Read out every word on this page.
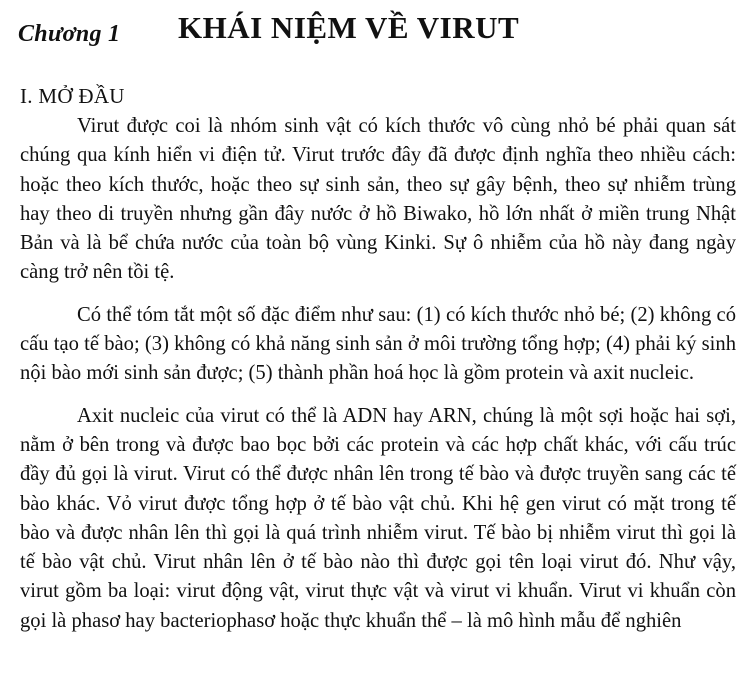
Chương 1 KHÁI NIỆM VỀ VIRUT
I. MỞ ĐẦU

Virut được coi là nhóm sinh vật có kích thước vô cùng nhỏ bé phải quan sát chúng qua kính hiển vi điện tử. Virut trước đây đã được định nghĩa theo nhiều cách: hoặc theo kích thước, hoặc theo sự sinh sản, theo sự gây bệnh, theo sự nhiễm trùng hay theo di truyền nhưng gần đây nước ở hồ Biwako, hồ lớn nhất ở miền trung Nhật Bản và là bể chứa nước của toàn bộ vùng Kinki. Sự ô nhiễm của hồ này đang ngày càng trở nên tồi tệ.

Có thể tóm tắt một số đặc điểm như sau: (1) có kích thước nhỏ bé; (2) không có cấu tạo tế bào; (3) không có khả năng sinh sản ở môi trường tổng hợp; (4) phải ký sinh nội bào mới sinh sản được; (5) thành phần hoá học là gồm protein và axit nucleic.

Axit nucleic của virut có thể là ADN hay ARN, chúng là một sợi hoặc hai sợi, nằm ở bên trong và được bao bọc bởi các protein và các hợp chất khác, với cấu trúc đầy đủ gọi là virut. Virut có thể được nhân lên trong tế bào và được truyền sang các tế bào khác. Vỏ virut được tổng hợp ở tế bào vật chủ. Khi hệ gen virut có mặt trong tế bào và được nhân lên thì gọi là quá trình nhiễm virut. Tế bào bị nhiễm virut thì gọi là tế bào vật chủ. Virut nhân lên ở tế bào nào thì được gọi tên loại virut đó. Như vậy, virut gồm ba loại: virut động vật, virut thực vật và virut vi khuẩn. Virut vi khuẩn còn gọi là phasơ hay bacteriophasơ hoặc thực khuẩn thể – là mô hình mẫu để nghiên
